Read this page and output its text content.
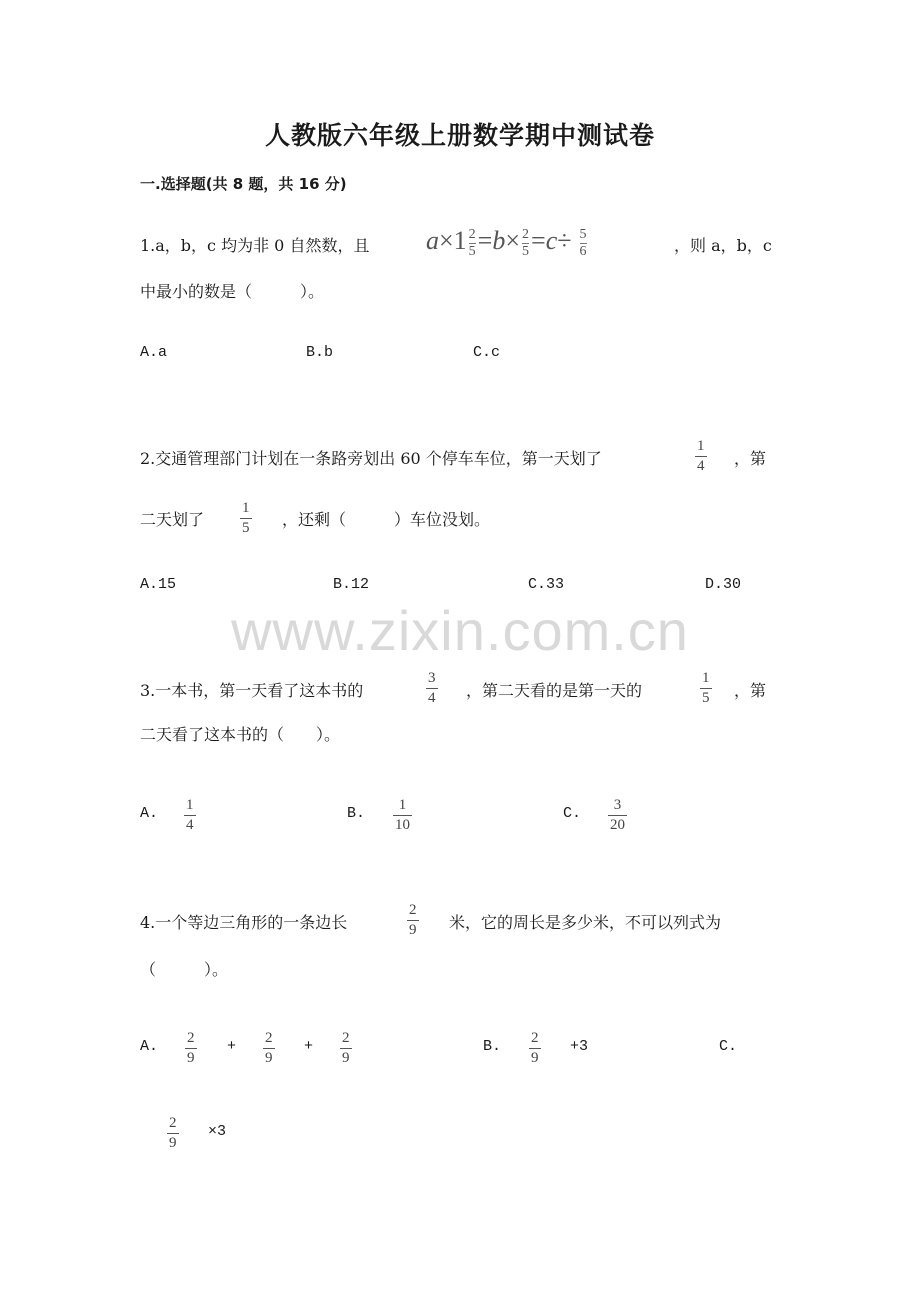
人教版六年级上册数学期中测试卷
一.选择题(共 8 题，共 16 分)
1.a，b，c 均为非 0 自然数，且 $a\times 1 \frac{2}{5} =b\times \frac{2}{5} =c\div \frac{5}{6}$	，则 a，b，c
中最小的数是（　　　）。
A.a	B.b	C.c
2.交通管理部门计划在一条路旁划出 60 个停车车位，第一天划了
1
4 ，第
二天划了
1
5 ，还剩（　　　）车位没划。
A.15	B.12	C.33	D.30
www.zixin.com.cn
3.一本书，第一天看了这本书的
3
4 ，第二天看的是第一天的
1
5 ，第
二天看了这本书的（　　）。
A. 1
4
B. 1
10
C. 3
20
4.一个等边三角形的一条边长
2
9 米，它的周长是多少米，不可以列式为
（　　　）。
A. 2
9
+ 2
9
+ 2
9
B. 2
9
+3	C.
2
9
×3
